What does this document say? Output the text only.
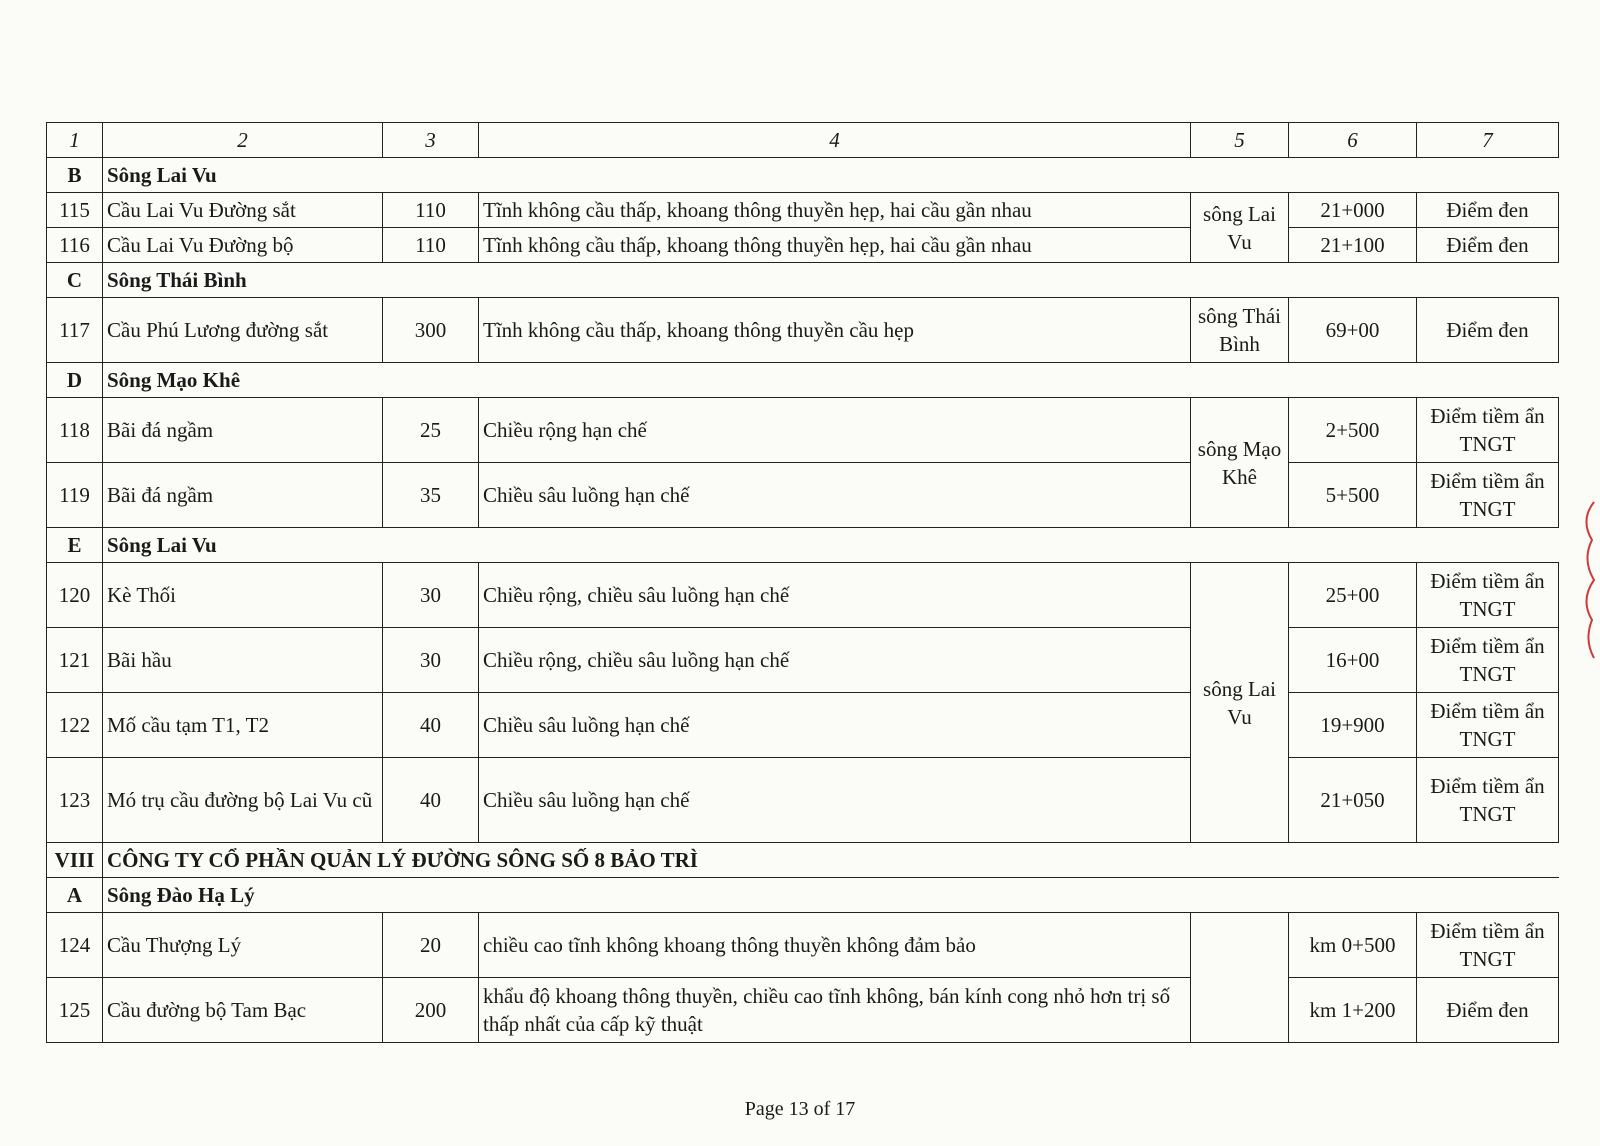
1	2	3	4	5	6	7
B	Sông Lai Vu					
115	Cầu Lai Vu Đường sắt	110	Tĩnh không cầu thấp, khoang thông thuyền hẹp, hai cầu gần nhau	sông Lai Vu	21+000	Điểm đen
116	Cầu Lai Vu Đường bộ	110	Tĩnh không cầu thấp, khoang thông thuyền hẹp, hai cầu gần nhau		21+100	Điểm đen
C	Sông Thái Bình					
117	Cầu Phú Lương đường sắt	300	Tĩnh không cầu thấp, khoang thông thuyền cầu hẹp	sông Thái Bình	69+00	Điểm đen
D	Sông Mạo Khê					
118	Bãi đá ngầm	25	Chiều rộng hạn chế	sông Mạo Khê	2+500	Điểm tiềm ẩn TNGT
119	Bãi đá ngầm	35	Chiều sâu luồng hạn chế		5+500	Điểm tiềm ẩn TNGT
E	Sông Lai Vu					
120	Kè Thối	30	Chiều rộng, chiều sâu luồng hạn chế	sông Lai Vu	25+00	Điểm tiềm ẩn TNGT
121	Bãi hầu	30	Chiều rộng, chiều sâu luồng hạn chế		16+00	Điểm tiềm ẩn TNGT
122	Mố cầu tạm T1, T2	40	Chiều sâu luồng hạn chế		19+900	Điểm tiềm ẩn TNGT
123	Mó trụ cầu đường bộ Lai Vu cũ	40	Chiều sâu luồng hạn chế		21+050	Điểm tiềm ẩn TNGT
VIII	CÔNG TY CỔ PHẦN QUẢN LÝ ĐƯỜNG SÔNG SỐ 8 BẢO TRÌ					
A	Sông Đào Hạ Lý					
124	Cầu Thượng Lý	20	chiều cao tĩnh không khoang thông thuyền không đảm bảo		km 0+500	Điểm tiềm ẩn TNGT
125	Cầu đường bộ Tam Bạc	200	khẩu độ khoang thông thuyền, chiều cao tĩnh không, bán kính cong nhỏ hơn trị số thấp nhất của cấp kỹ thuật		km 1+200	Điểm đen
Page 13 of 17
